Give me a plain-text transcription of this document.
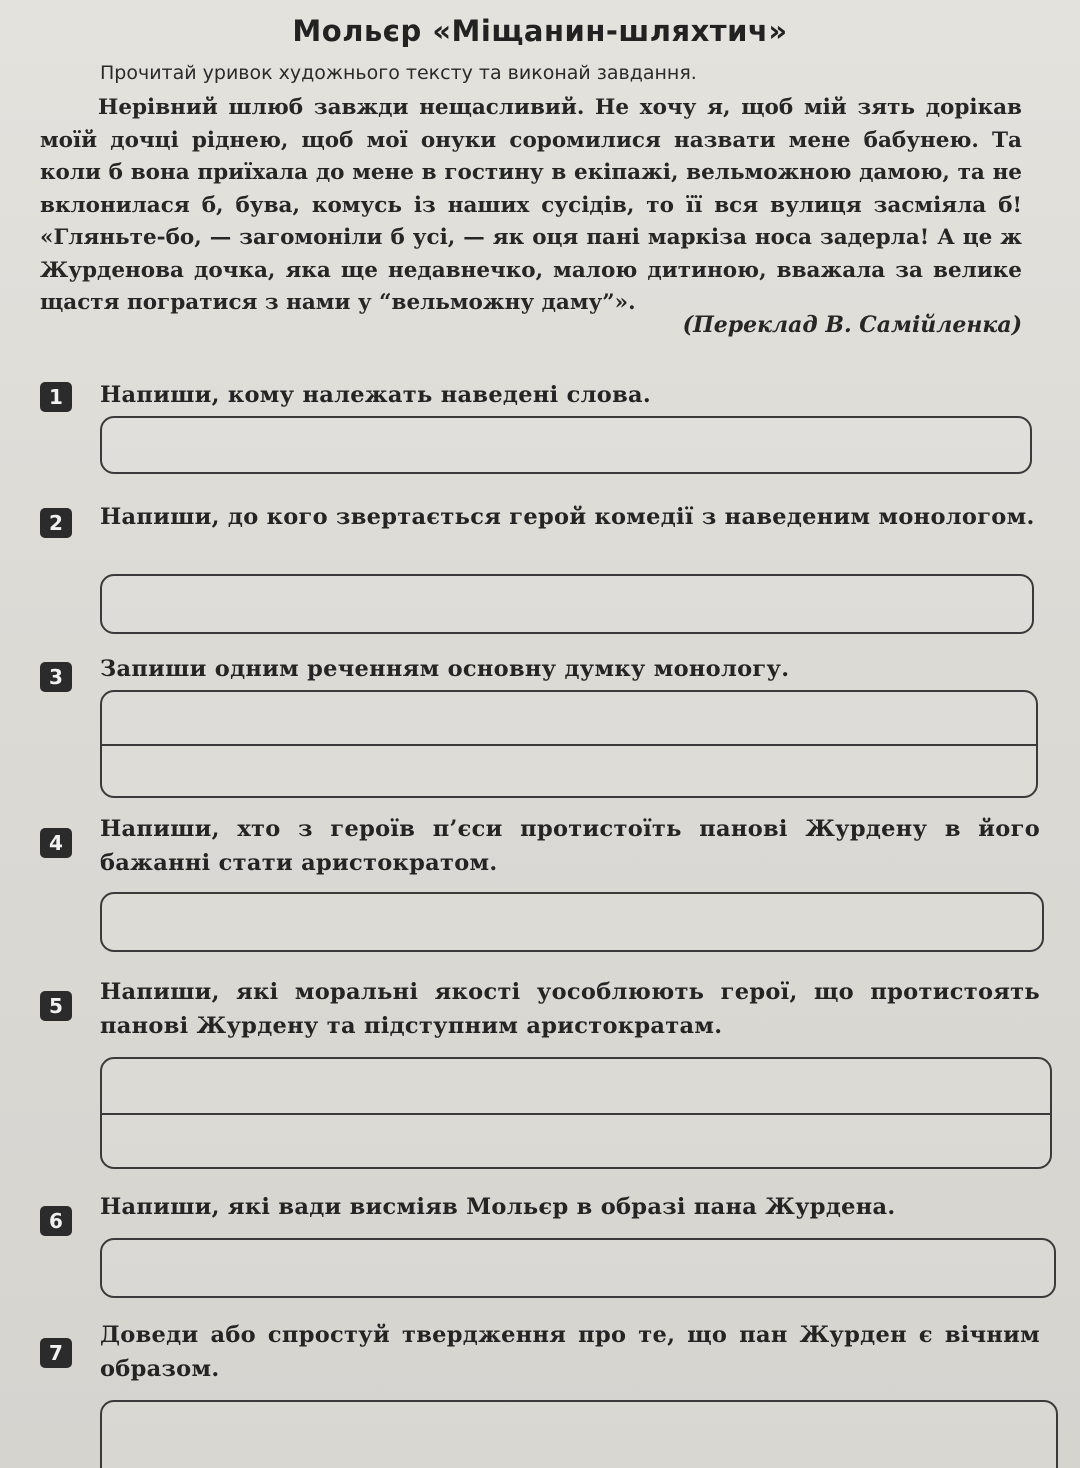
Мольєр «Міщанин-шляхтич»
Прочитай уривок художнього тексту та виконай завдання.

Нерівний шлюб завжди нещасливий. Не хочу я, щоб мій зять дорікав моїй дочці ріднею, щоб мої онуки соромилися назвати мене бабунею. Та коли б вона приїхала до мене в гостину в екіпажі, вельможною дамою, та не вклонилася б, бува, комусь із наших сусідів, то її вся вулиця засміяла б! «Гляньте-бо, — загомоніли б усі, — як оця пані маркіза носа задерла! А це ж Журденова дочка, яка ще недавнечко, малою дитиною, вважала за велике щастя погратися з нами у “вельможну даму”».

(Переклад В. Самійленка)
1	Напиши, кому належать наведені слова.
2	Напиши, до кого звертається герой комедії з наведеним монологом.
3	Запиши одним реченням основну думку монологу.
4
Напиши, хто з героїв п’єси протистоїть панові Журдену в його бажанні стати аристократом.
5
Напиши, які моральні якості уособлюють герої, що протистоять панові Журдену та підступним аристократам.
6
Напиши, які вади висміяв Мольєр в образі пана Журдена.
7
Доведи або спростуй твердження про те, що пан Журден є вічним образом.
